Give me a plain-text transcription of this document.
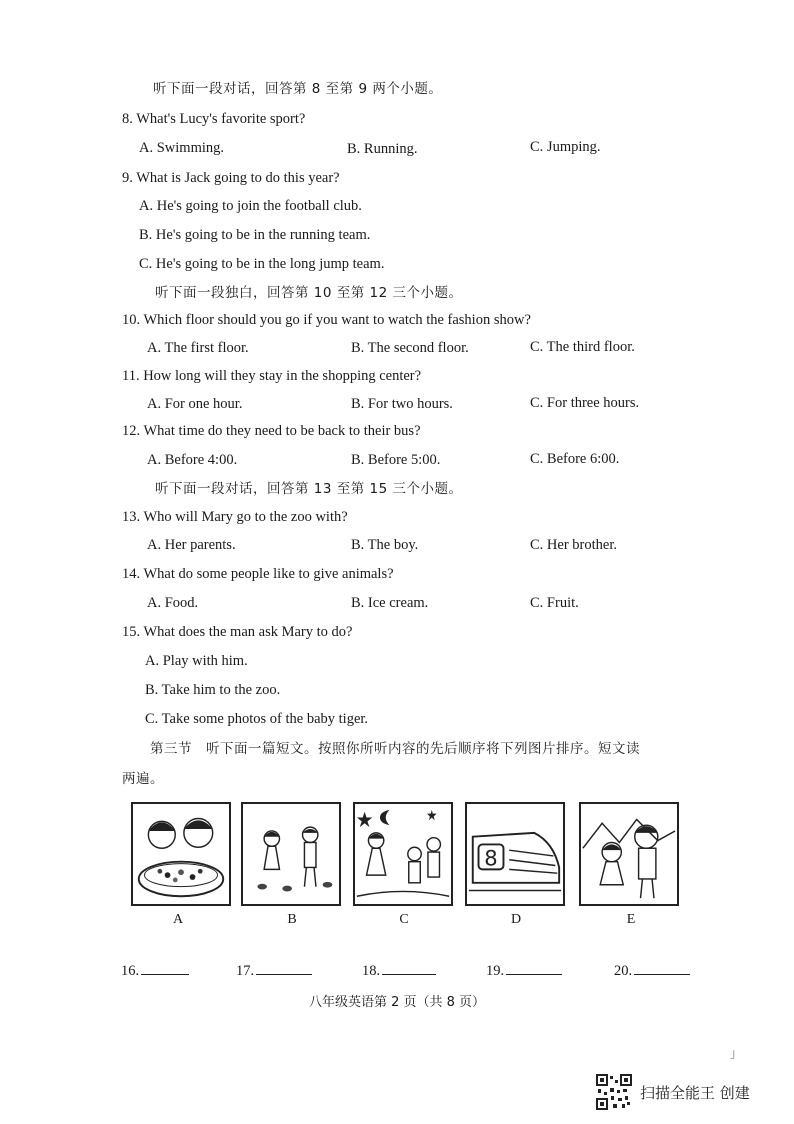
听下面一段对话，回答第 8 至第 9 两个小题。
8. What's Lucy's favorite sport?
A. Swimming.	B. Running.	C. Jumping.
9. What is Jack going to do this year?
A. He's going to join the football club.
B. He's going to be in the running team.
C. He's going to be in the long jump team.
听下面一段独白，回答第 10 至第 12 三个小题。
10. Which floor should you go if you want to watch the fashion show?
A. The first floor.	B. The second floor.	C. The third floor.
11. How long will they stay in the shopping center?
A. For one hour.	B. For two hours.	C. For three hours.
12. What time do they need to be back to their bus?
A. Before 4:00.	B. Before 5:00.	C. Before 6:00.
听下面一段对话，回答第 13 至第 15 三个小题。
13. Who will Mary go to the zoo with?
A. Her parents.	B. The boy.	C. Her brother.
14. What do some people like to give animals?
A. Food.	B. Ice cream.	C. Fruit.
15. What does the man ask Mary to do?
A. Play with him.
B. Take him to the zoo.
C. Take some photos of the baby tiger.
第三节　听下面一篇短文。按照你所听内容的先后顺序将下列图片排序。短文读
两遍。
A	B	C
8
D	E
16.	17.	18.	19.	20.
八年级英语第 2 页（共 8 页）
」
扫描全能王 创建
